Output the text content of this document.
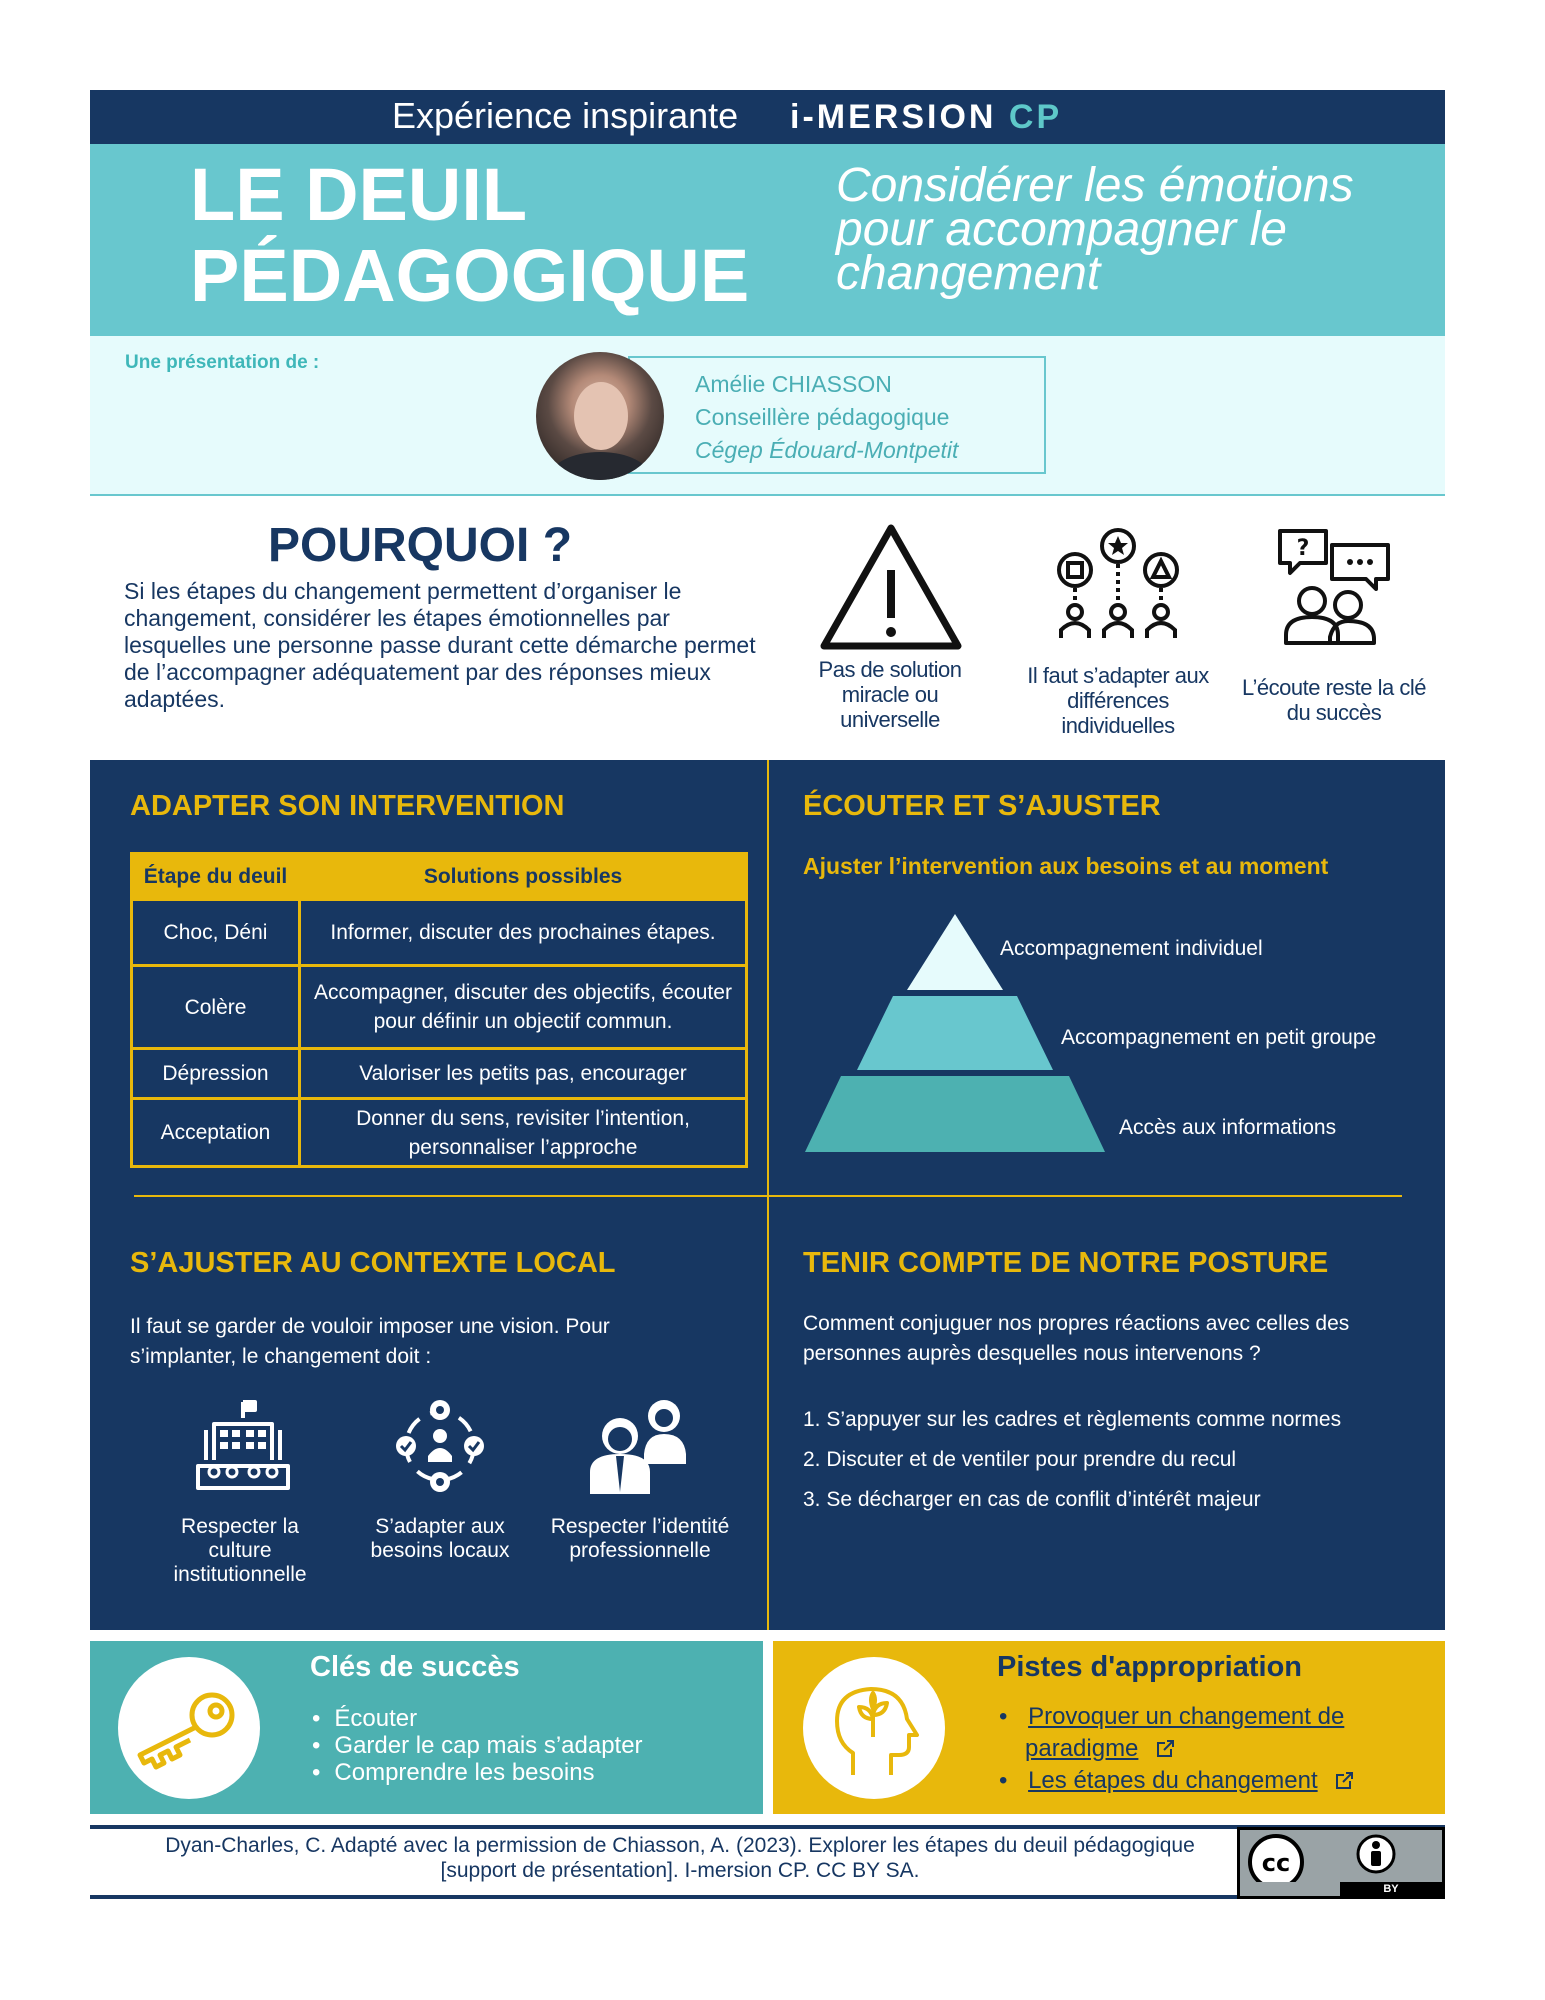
Expérience inspirante i-MERSION CP
LE DEUIL
PÉDAGOGIQUE
Considérer les émotions pour accompagner le changement
Une présentation de :
Amélie CHIASSON
Conseillère pédagogique
Cégep Édouard-Montpetit
POURQUOI ?
Si les étapes du changement permettent d’organiser le changement, considérer les étapes émotionnelles par lesquelles une personne passe durant cette démarche permet de l’accompagner adéquatement par des réponses mieux adaptées.
Pas de solution miracle ou universelle
Il faut s’adapter aux différences individuelles
?
L’écoute reste la clé du succès
ADAPTER SON INTERVENTION
Étape du deuil	Solutions possibles
Choc, Déni	Informer, discuter des prochaines étapes.
Colère	Accompagner, discuter des objectifs, écouter pour définir un objectif commun.
Dépression	Valoriser les petits pas, encourager
Acceptation	Donner du sens, revisiter l’intention, personnaliser l’approche
ÉCOUTER ET S’AJUSTER
Ajuster l’intervention aux besoins et au moment
Accompagnement individuel
Accompagnement en petit groupe
Accès aux informations
S’AJUSTER AU CONTEXTE LOCAL
Il faut se garder de vouloir imposer une vision. Pour s’implanter, le changement doit :
Respecter la culture institutionnelle
S’adapter aux besoins locaux
Respecter l’identité professionnelle
TENIR COMPTE DE NOTRE POSTURE
Comment conjuguer nos propres réactions avec celles des personnes auprès desquelles nous intervenons ?
1. S’appuyer sur les cadres et règlements comme normes
2. Discuter et de ventiler pour prendre du recul
3. Se décharger en cas de conflit d’intérêt majeur
Clés de succès
• Écouter
• Garder le cap mais s’adapter
• Comprendre les besoins
Pistes d'appropriation
• Provoquer un changement de
paradigme
• Les étapes du changement
Dyan-Charles, C. Adapté avec la permission de Chiasson, A. (2023). Explorer les étapes du deuil pédagogique [support de présentation]. I-mersion CP. CC BY SA.	cc
BY
